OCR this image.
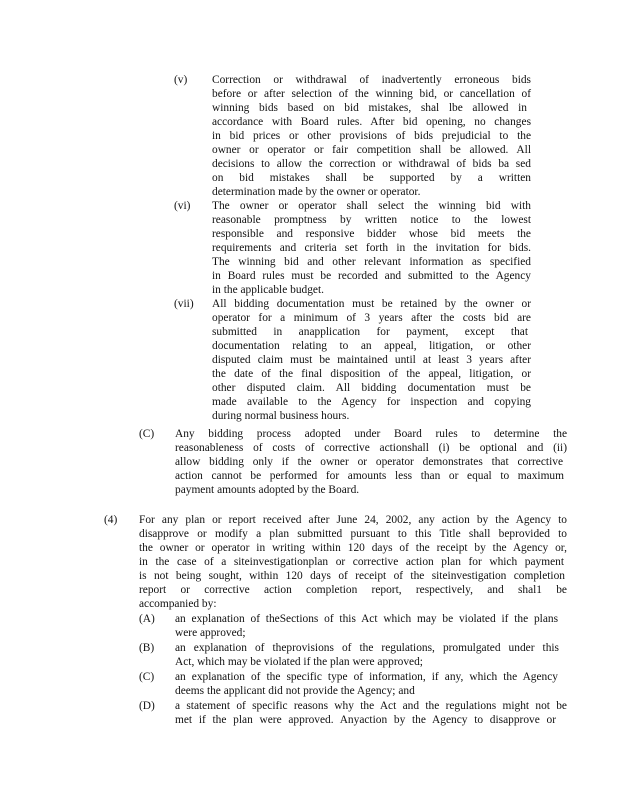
(v) Correction or withdrawal of inadvertently erroneous bids
before or after selection of the winning bid, or cancellation of
winning bids based on bid mistakes, shal lbe allowed in
accordance with Board rules. After bid opening, no changes
in bid prices or other provisions of bids prejudicial to the
owner or operator or fair competition shall be allowed. All
decisions to allow the correction or withdrawal of bids ba sed
on bid mistakes shall be supported by a written
determination made by the owner or operator.
(vi) The owner or operator shall select the winning bid with
reasonable promptness by written notice to the lowest
responsible and responsive bidder whose bid meets the
requirements and criteria set forth in the invitation for bids.
The winning bid and other relevant information as specified
in Board rules must be recorded and submitted to the Agency
in the applicable budget.
(vii) All bidding documentation must be retained by the owner or
operator for a minimum of 3 years after the costs bid are
submitted in anapplication for payment, except that
documentation relating to an appeal, litigation, or other
disputed claim must be maintained until at least 3 years after
the date of the final disposition of the appeal, litigation, or
other disputed claim. All bidding documentation must be
made available to the Agency for inspection and copying
during normal business hours.
(C) Any bidding process adopted under Board rules to determine the
reasonableness of costs of corrective actionshall (i) be optional and (ii)
allow bidding only if the owner or operator demonstrates that corrective
action cannot be performed for amounts less than or equal to maximum
payment amounts adopted by the Board.
(4) For any plan or report received after June 24, 2002, any action by the Agency to
disapprove or modify a plan submitted pursuant to this Title shall beprovided to
the owner or operator in writing within 120 days of the receipt by the Agency or,
in the case of a siteinvestigationplan or corrective action plan for which payment
is not being sought, within 120 days of receipt of the siteinvestigation completion
report or corrective action completion report, respectively, and shal1 be
accompanied by:
(A) an explanation of theSections of this Act which may be violated if the plans
were approved;
(B) an explanation of theprovisions of the regulations, promulgated under this
Act, which may be violated if the plan were approved;
(C) an explanation of the specific type of information, if any, which the Agency
deems the applicant did not provide the Agency; and
(D) a statement of specific reasons why the Act and the regulations might not be
met if the plan were approved. Anyaction by the Agency to disapprove or
